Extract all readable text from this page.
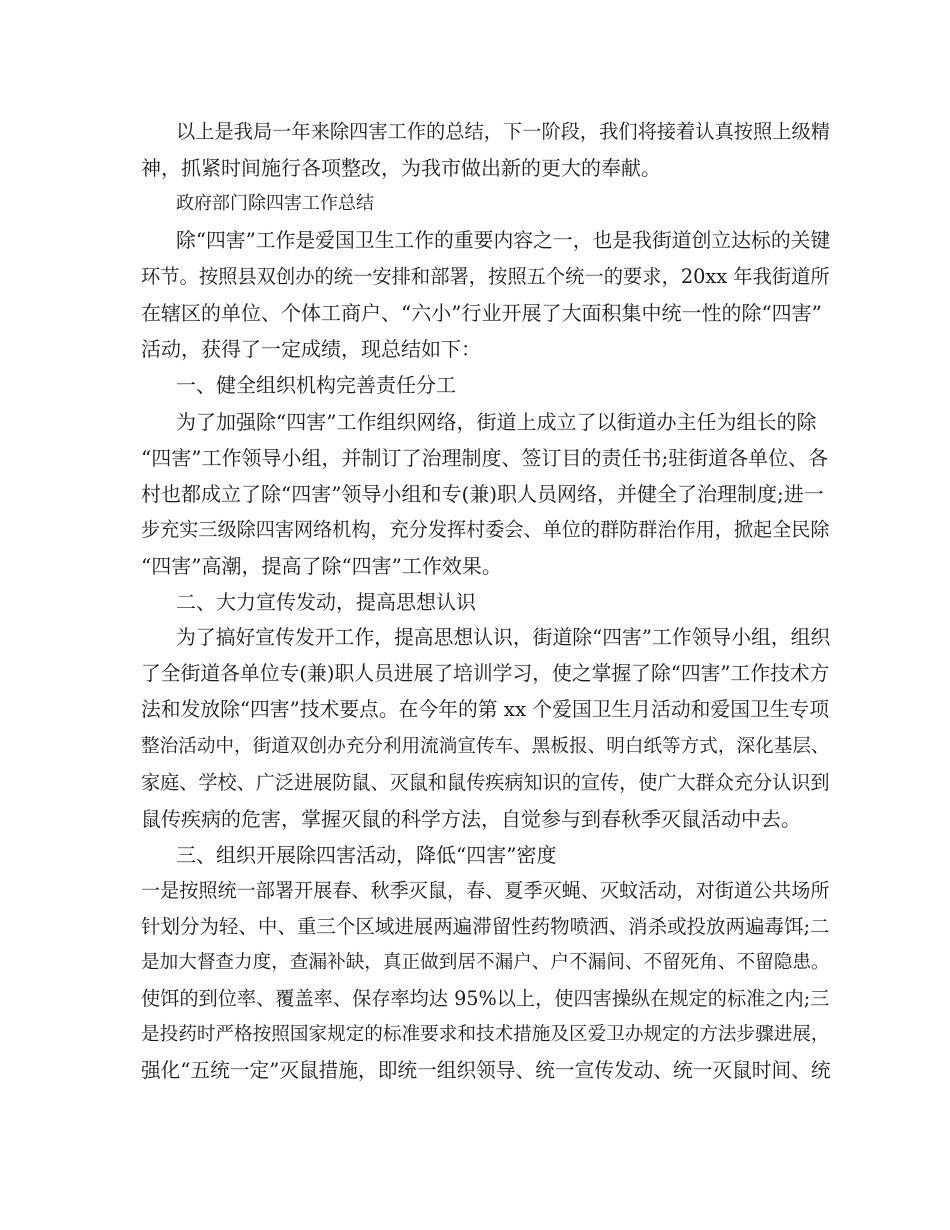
以上是我局一年来除四害工作的总结，下一阶段，我们将接着认真按照上级精
神，抓紧时间施行各项整改，为我市做出新的更大的奉献。
政府部门除四害工作总结
除“四害”工作是爱国卫生工作的重要内容之一，也是我街道创立达标的关键
环节。按照县双创办的统一安排和部署，按照五个统一的要求，20xx 年我街道所
在辖区的单位、个体工商户、“六小”行业开展了大面积集中统一性的除“四害”
活动，获得了一定成绩，现总结如下：
一、健全组织机构完善责任分工
为了加强除“四害”工作组织网络，街道上成立了以街道办主任为组长的除
“四害”工作领导小组，并制订了治理制度、签订目的责任书;驻街道各单位、各
村也都成立了除“四害”领导小组和专(兼)职人员网络，并健全了治理制度;进一
步充实三级除四害网络机构，充分发挥村委会、单位的群防群治作用，掀起全民除
“四害”高潮，提高了除“四害”工作效果。
二、大力宣传发动，提高思想认识
为了搞好宣传发开工作，提高思想认识，街道除“四害”工作领导小组，组织
了全街道各单位专(兼)职人员进展了培训学习，使之掌握了除“四害”工作技术方
法和发放除“四害”技术要点。在今年的第 xx 个爱国卫生月活动和爱国卫生专项
整治活动中，街道双创办充分利用流淌宣传车、黑板报、明白纸等方式，深化基层、
家庭、学校、广泛进展防鼠、灭鼠和鼠传疾病知识的宣传，使广大群众充分认识到
鼠传疾病的危害，掌握灭鼠的科学方法，自觉参与到春秋季灭鼠活动中去。
三、组织开展除四害活动，降低“四害”密度
一是按照统一部署开展春、秋季灭鼠，春、夏季灭蝇、灭蚊活动，对街道公共场所
针划分为轻、中、重三个区域进展两遍滞留性药物喷洒、消杀或投放两遍毒饵;二
是加大督查力度，查漏补缺，真正做到居不漏户、户不漏间、不留死角、不留隐患。
使饵的到位率、覆盖率、保存率均达 95%以上，使四害操纵在规定的标准之内;三
是投药时严格按照国家规定的标准要求和技术措施及区爱卫办规定的方法步骤进展，
强化“五统一定”灭鼠措施，即统一组织领导、统一宣传发动、统一灭鼠时间、统
